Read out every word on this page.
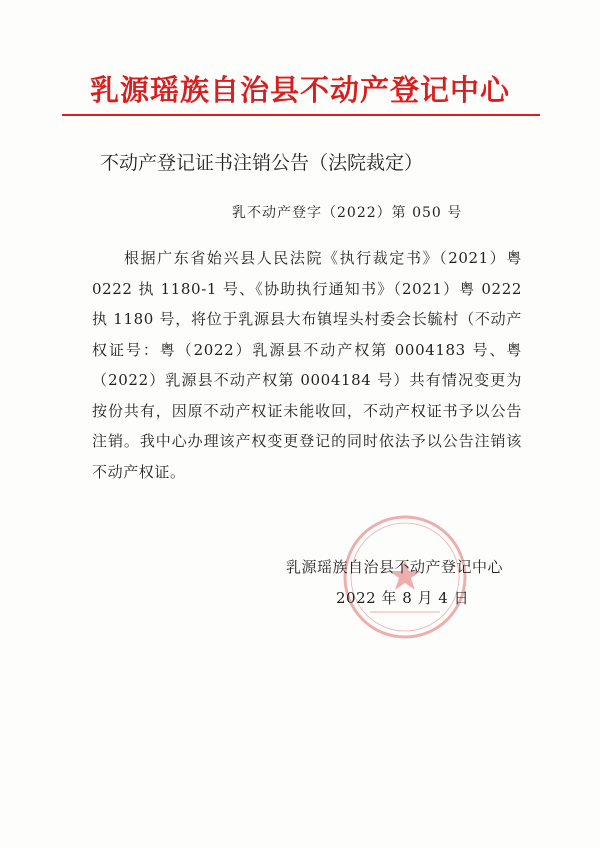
乳源瑶族自治县不动产登记中心
不动产登记证书注销公告（法院裁定）
乳不动产登字（2022）第 050 号

根据广东省始兴县人民法院《执行裁定书》（2021）粤 0222 执 1180-1 号、《协助执行通知书》（2021）粤 0222 执 1180 号，将位于乳源县大布镇埕头村委会长毓村（不动产权证号：粤（2022）乳源县不动产权第 0004183 号、粤（2022）乳源县不动产权第 0004184 号）共有情况变更为按份共有，因原不动产权证未能收回，不动产权证书予以公告注销。我中心办理该产权变更登记的同时依法予以公告注销该不动产权证。

乳源瑶族自治县不动产登记中心
2022 年 8 月 4 日
